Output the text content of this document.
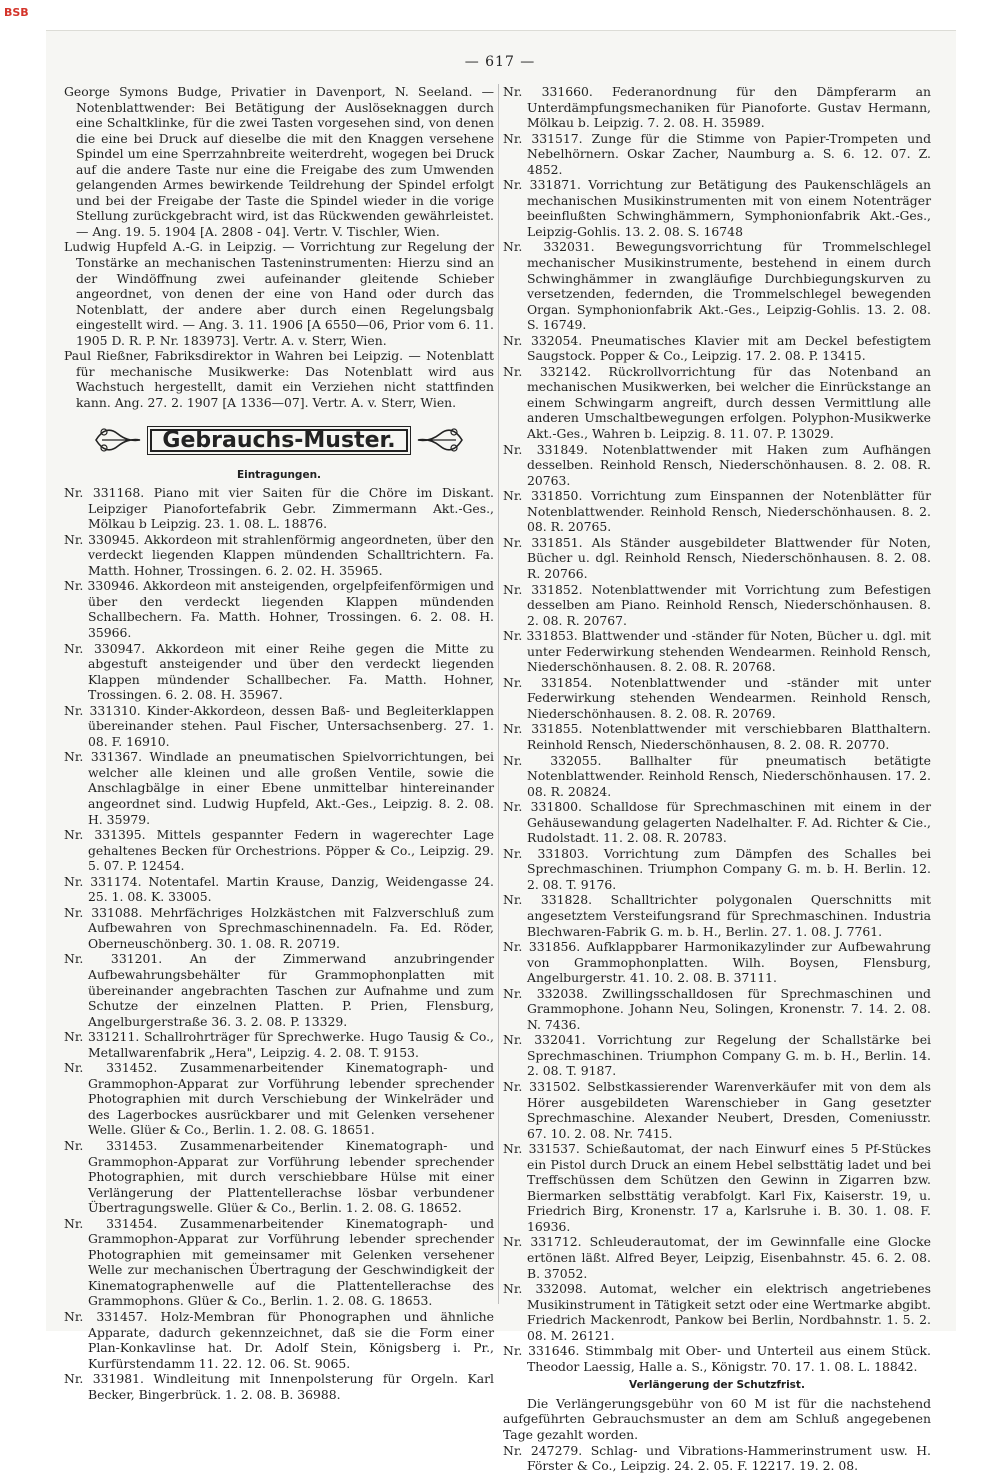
BSB
— 617 —

George Symons Budge, Privatier in Davenport, N. Seeland. — Notenblattwender: Bei Betätigung der Auslöseknaggen durch eine Schaltklinke, für die zwei Tasten vorgesehen sind, von denen die eine bei Druck auf dieselbe die mit den Knaggen versehene Spindel um eine Sperrzahnbreite weiterdreht, wogegen bei Druck auf die andere Taste nur eine die Freigabe des zum Umwenden gelangenden Armes bewirkende Teildrehung der Spindel erfolgt und bei der Freigabe der Taste die Spindel wieder in die vorige Stellung zurückgebracht wird, ist das Rückwenden gewährleistet. — Ang. 19. 5. 1904 [A. 2808 - 04]. Vertr. V. Tischler, Wien.

Ludwig Hupfeld A.-G. in Leipzig. — Vorrichtung zur Regelung der Tonstärke an mechanischen Tasteninstrumenten: Hierzu sind an der Windöffnung zwei aufeinander gleitende Schieber angeordnet, von denen der eine von Hand oder durch das Notenblatt, der andere aber durch einen Regelungsbalg eingestellt wird. — Ang. 3. 11. 1906 [A 6550—06, Prior vom 6. 11. 1905 D. R. P. Nr. 183973]. Vertr. A. v. Sterr, Wien.

Paul Rießner, Fabriksdirektor in Wahren bei Leipzig. — Notenblatt für mechanische Musikwerke: Das Notenblatt wird aus Wachstuch hergestellt, damit ein Verziehen nicht stattfinden kann. Ang. 27. 2. 1907 [A 1336—07]. Vertr. A. v. Sterr, Wien.

Gebrauchs-Muster.
Eintragungen.

Nr. 331168. Piano mit vier Saiten für die Chöre im Diskant. Leipziger Pianofortefabrik Gebr. Zimmermann Akt.-Ges., Mölkau b Leipzig. 23. 1. 08. L. 18876.

Nr. 330945. Akkordeon mit strahlenförmig angeordneten, über den verdeckt liegenden Klappen mündenden Schalltrichtern. Fa. Matth. Hohner, Trossingen. 6. 2. 02. H. 35965.

Nr. 330946. Akkordeon mit ansteigenden, orgelpfeifenförmigen und über den verdeckt liegenden Klappen mündenden Schallbechern. Fa. Matth. Hohner, Trossingen. 6. 2. 08. H. 35966.

Nr. 330947. Akkordeon mit einer Reihe gegen die Mitte zu abgestuft ansteigender und über den verdeckt liegenden Klappen mündender Schallbecher. Fa. Matth. Hohner, Trossingen. 6. 2. 08. H. 35967.

Nr. 331310. Kinder-Akkordeon, dessen Baß- und Begleiterklappen übereinander stehen. Paul Fischer, Untersachsenberg. 27. 1. 08. F. 16910.

Nr. 331367. Windlade an pneumatischen Spielvorrichtungen, bei welcher alle kleinen und alle großen Ventile, sowie die Anschlagbälge in einer Ebene unmittelbar hintereinander angeordnet sind. Ludwig Hupfeld, Akt.-Ges., Leipzig. 8. 2. 08. H. 35979.

Nr. 331395. Mittels gespannter Federn in wagerechter Lage gehaltenes Becken für Orchestrions. Pöpper & Co., Leipzig. 29. 5. 07. P. 12454.

Nr. 331174. Notentafel. Martin Krause, Danzig, Weidengasse 24. 25. 1. 08. K. 33005.

Nr. 331088. Mehrfächriges Holzkästchen mit Falzverschluß zum Aufbewahren von Sprechmaschinennadeln. Fa. Ed. Röder, Oberneuschönberg. 30. 1. 08. R. 20719.

Nr. 331201. An der Zimmerwand anzubringender Aufbewahrungsbehälter für Grammophonplatten mit übereinander angebrachten Taschen zur Aufnahme und zum Schutze der einzelnen Platten. P. Prien, Flensburg, Angelburgerstraße 36. 3. 2. 08. P. 13329.

Nr. 331211. Schallrohrträger für Sprechwerke. Hugo Tausig & Co., Metallwarenfabrik „Hera", Leipzig. 4. 2. 08. T. 9153.

Nr. 331452. Zusammenarbeitender Kinematograph- und Grammophon-Apparat zur Vorführung lebender sprechender Photographien mit durch Verschiebung der Winkelräder und des Lagerbockes ausrückbarer und mit Gelenken versehener Welle. Glüer & Co., Berlin. 1. 2. 08. G. 18651.

Nr. 331453. Zusammenarbeitender Kinematograph- und Grammophon-Apparat zur Vorführung lebender sprechender Photographien, mit durch verschiebbare Hülse mit einer Verlängerung der Plattentellerachse lösbar verbundener Übertragungswelle. Glüer & Co., Berlin. 1. 2. 08. G. 18652.

Nr. 331454. Zusammenarbeitender Kinematograph- und Grammophon-Apparat zur Vorführung lebender sprechender Photographien mit gemeinsamer mit Gelenken versehener Welle zur mechanischen Übertragung der Geschwindigkeit der Kinematographenwelle auf die Plattentellerachse des Grammophons. Glüer & Co., Berlin. 1. 2. 08. G. 18653.

Nr. 331457. Holz-Membran für Phonographen und ähnliche Apparate, dadurch gekennzeichnet, daß sie die Form einer Plan-Konkavlinse hat. Dr. Adolf Stein, Königsberg i. Pr., Kurfürstendamm 11. 22. 12. 06. St. 9065.

Nr. 331981. Windleitung mit Innenpolsterung für Orgeln. Karl Becker, Bingerbrück. 1. 2. 08. B. 36988.

Nr. 331660. Federanordnung für den Dämpferarm an Unterdämpfungsmechaniken für Pianoforte. Gustav Hermann, Mölkau b. Leipzig. 7. 2. 08. H. 35989.

Nr. 331517. Zunge für die Stimme von Papier-Trompeten und Nebelhörnern. Oskar Zacher, Naumburg a. S. 6. 12. 07. Z. 4852.

Nr. 331871. Vorrichtung zur Betätigung des Paukenschlägels an mechanischen Musikinstrumenten mit von einem Notenträger beeinflußten Schwinghämmern, Symphonionfabrik Akt.-Ges., Leipzig-Gohlis. 13. 2. 08. S. 16748

Nr. 332031. Bewegungsvorrichtung für Trommelschlegel mechanischer Musikinstrumente, bestehend in einem durch Schwinghämmer in zwangläufige Durchbiegungskurven zu versetzenden, federnden, die Trommelschlegel bewegenden Organ. Symphonionfabrik Akt.-Ges., Leipzig-Gohlis. 13. 2. 08. S. 16749.

Nr. 332054. Pneumatisches Klavier mit am Deckel befestigtem Saugstock. Popper & Co., Leipzig. 17. 2. 08. P. 13415.

Nr. 332142. Rückrollvorrichtung für das Notenband an mechanischen Musikwerken, bei welcher die Einrückstange an einem Schwingarm angreift, durch dessen Vermittlung alle anderen Umschaltbewegungen erfolgen. Polyphon-Musikwerke Akt.-Ges., Wahren b. Leipzig. 8. 11. 07. P. 13029.

Nr. 331849. Notenblattwender mit Haken zum Aufhängen desselben. Reinhold Rensch, Niederschönhausen. 8. 2. 08. R. 20763.

Nr. 331850. Vorrichtung zum Einspannen der Notenblätter für Notenblattwender. Reinhold Rensch, Niederschönhausen. 8. 2. 08. R. 20765.

Nr. 331851. Als Ständer ausgebildeter Blattwender für Noten, Bücher u. dgl. Reinhold Rensch, Niederschönhausen. 8. 2. 08. R. 20766.

Nr. 331852. Notenblattwender mit Vorrichtung zum Befestigen desselben am Piano. Reinhold Rensch, Niederschönhausen. 8. 2. 08. R. 20767.

Nr. 331853. Blattwender und -ständer für Noten, Bücher u. dgl. mit unter Federwirkung stehenden Wendearmen. Reinhold Rensch, Niederschönhausen. 8. 2. 08. R. 20768.

Nr. 331854. Notenblattwender und -ständer mit unter Federwirkung stehenden Wendearmen. Reinhold Rensch, Niederschönhausen. 8. 2. 08. R. 20769.

Nr. 331855. Notenblattwender mit verschiebbaren Blatthaltern. Reinhold Rensch, Niederschönhausen, 8. 2. 08. R. 20770.

Nr. 332055. Ballhalter für pneumatisch betätigte Notenblattwender. Reinhold Rensch, Niederschönhausen. 17. 2. 08. R. 20824.

Nr. 331800. Schalldose für Sprechmaschinen mit einem in der Gehäusewandung gelagerten Nadelhalter. F. Ad. Richter & Cie., Rudolstadt. 11. 2. 08. R. 20783.

Nr. 331803. Vorrichtung zum Dämpfen des Schalles bei Sprechmaschinen. Triumphon Company G. m. b. H. Berlin. 12. 2. 08. T. 9176.

Nr. 331828. Schalltrichter polygonalen Querschnitts mit angesetztem Versteifungsrand für Sprechmaschinen. Industria Blechwaren-Fabrik G. m. b. H., Berlin. 27. 1. 08. J. 7761.

Nr. 331856. Aufklappbarer Harmonikazylinder zur Aufbewahrung von Grammophonplatten. Wilh. Boysen, Flensburg, Angelburgerstr. 41. 10. 2. 08. B. 37111.

Nr. 332038. Zwillingsschalldosen für Sprechmaschinen und Grammophone. Johann Neu, Solingen, Kronenstr. 7. 14. 2. 08. N. 7436.

Nr. 332041. Vorrichtung zur Regelung der Schallstärke bei Sprechmaschinen. Triumphon Company G. m. b. H., Berlin. 14. 2. 08. T. 9187.

Nr. 331502. Selbstkassierender Warenverkäufer mit von dem als Hörer ausgebildeten Warenschieber in Gang gesetzter Sprechmaschine. Alexander Neubert, Dresden, Comeniusstr. 67. 10. 2. 08. Nr. 7415.

Nr. 331537. Schießautomat, der nach Einwurf eines 5 Pf-Stückes ein Pistol durch Druck an einem Hebel selbsttätig ladet und bei Treffschüssen dem Schützen den Gewinn in Zigarren bzw. Biermarken selbsttätig verabfolgt. Karl Fix, Kaiserstr. 19, u. Friedrich Birg, Kronenstr. 17 a, Karlsruhe i. B. 30. 1. 08. F. 16936.

Nr. 331712. Schleuderautomat, der im Gewinnfalle eine Glocke ertönen läßt. Alfred Beyer, Leipzig, Eisenbahnstr. 45. 6. 2. 08. B. 37052.

Nr. 332098. Automat, welcher ein elektrisch angetriebenes Musikinstrument in Tätigkeit setzt oder eine Wertmarke abgibt. Friedrich Mackenrodt, Pankow bei Berlin, Nordbahnstr. 1. 5. 2. 08. M. 26121.

Nr. 331646. Stimmbalg mit Ober- und Unterteil aus einem Stück. Theodor Laessig, Halle a. S., Königstr. 70. 17. 1. 08. L. 18842.

Verlängerung der Schutzfrist.

Die Verlängerungsgebühr von 60 M ist für die nachstehend aufgeführten Gebrauchsmuster an dem am Schluß angegebenen Tage gezahlt worden.

Nr. 247279. Schlag- und Vibrations-Hammerinstrument usw. H. Förster & Co., Leipzig. 24. 2. 05. F. 12217. 19. 2. 08.
